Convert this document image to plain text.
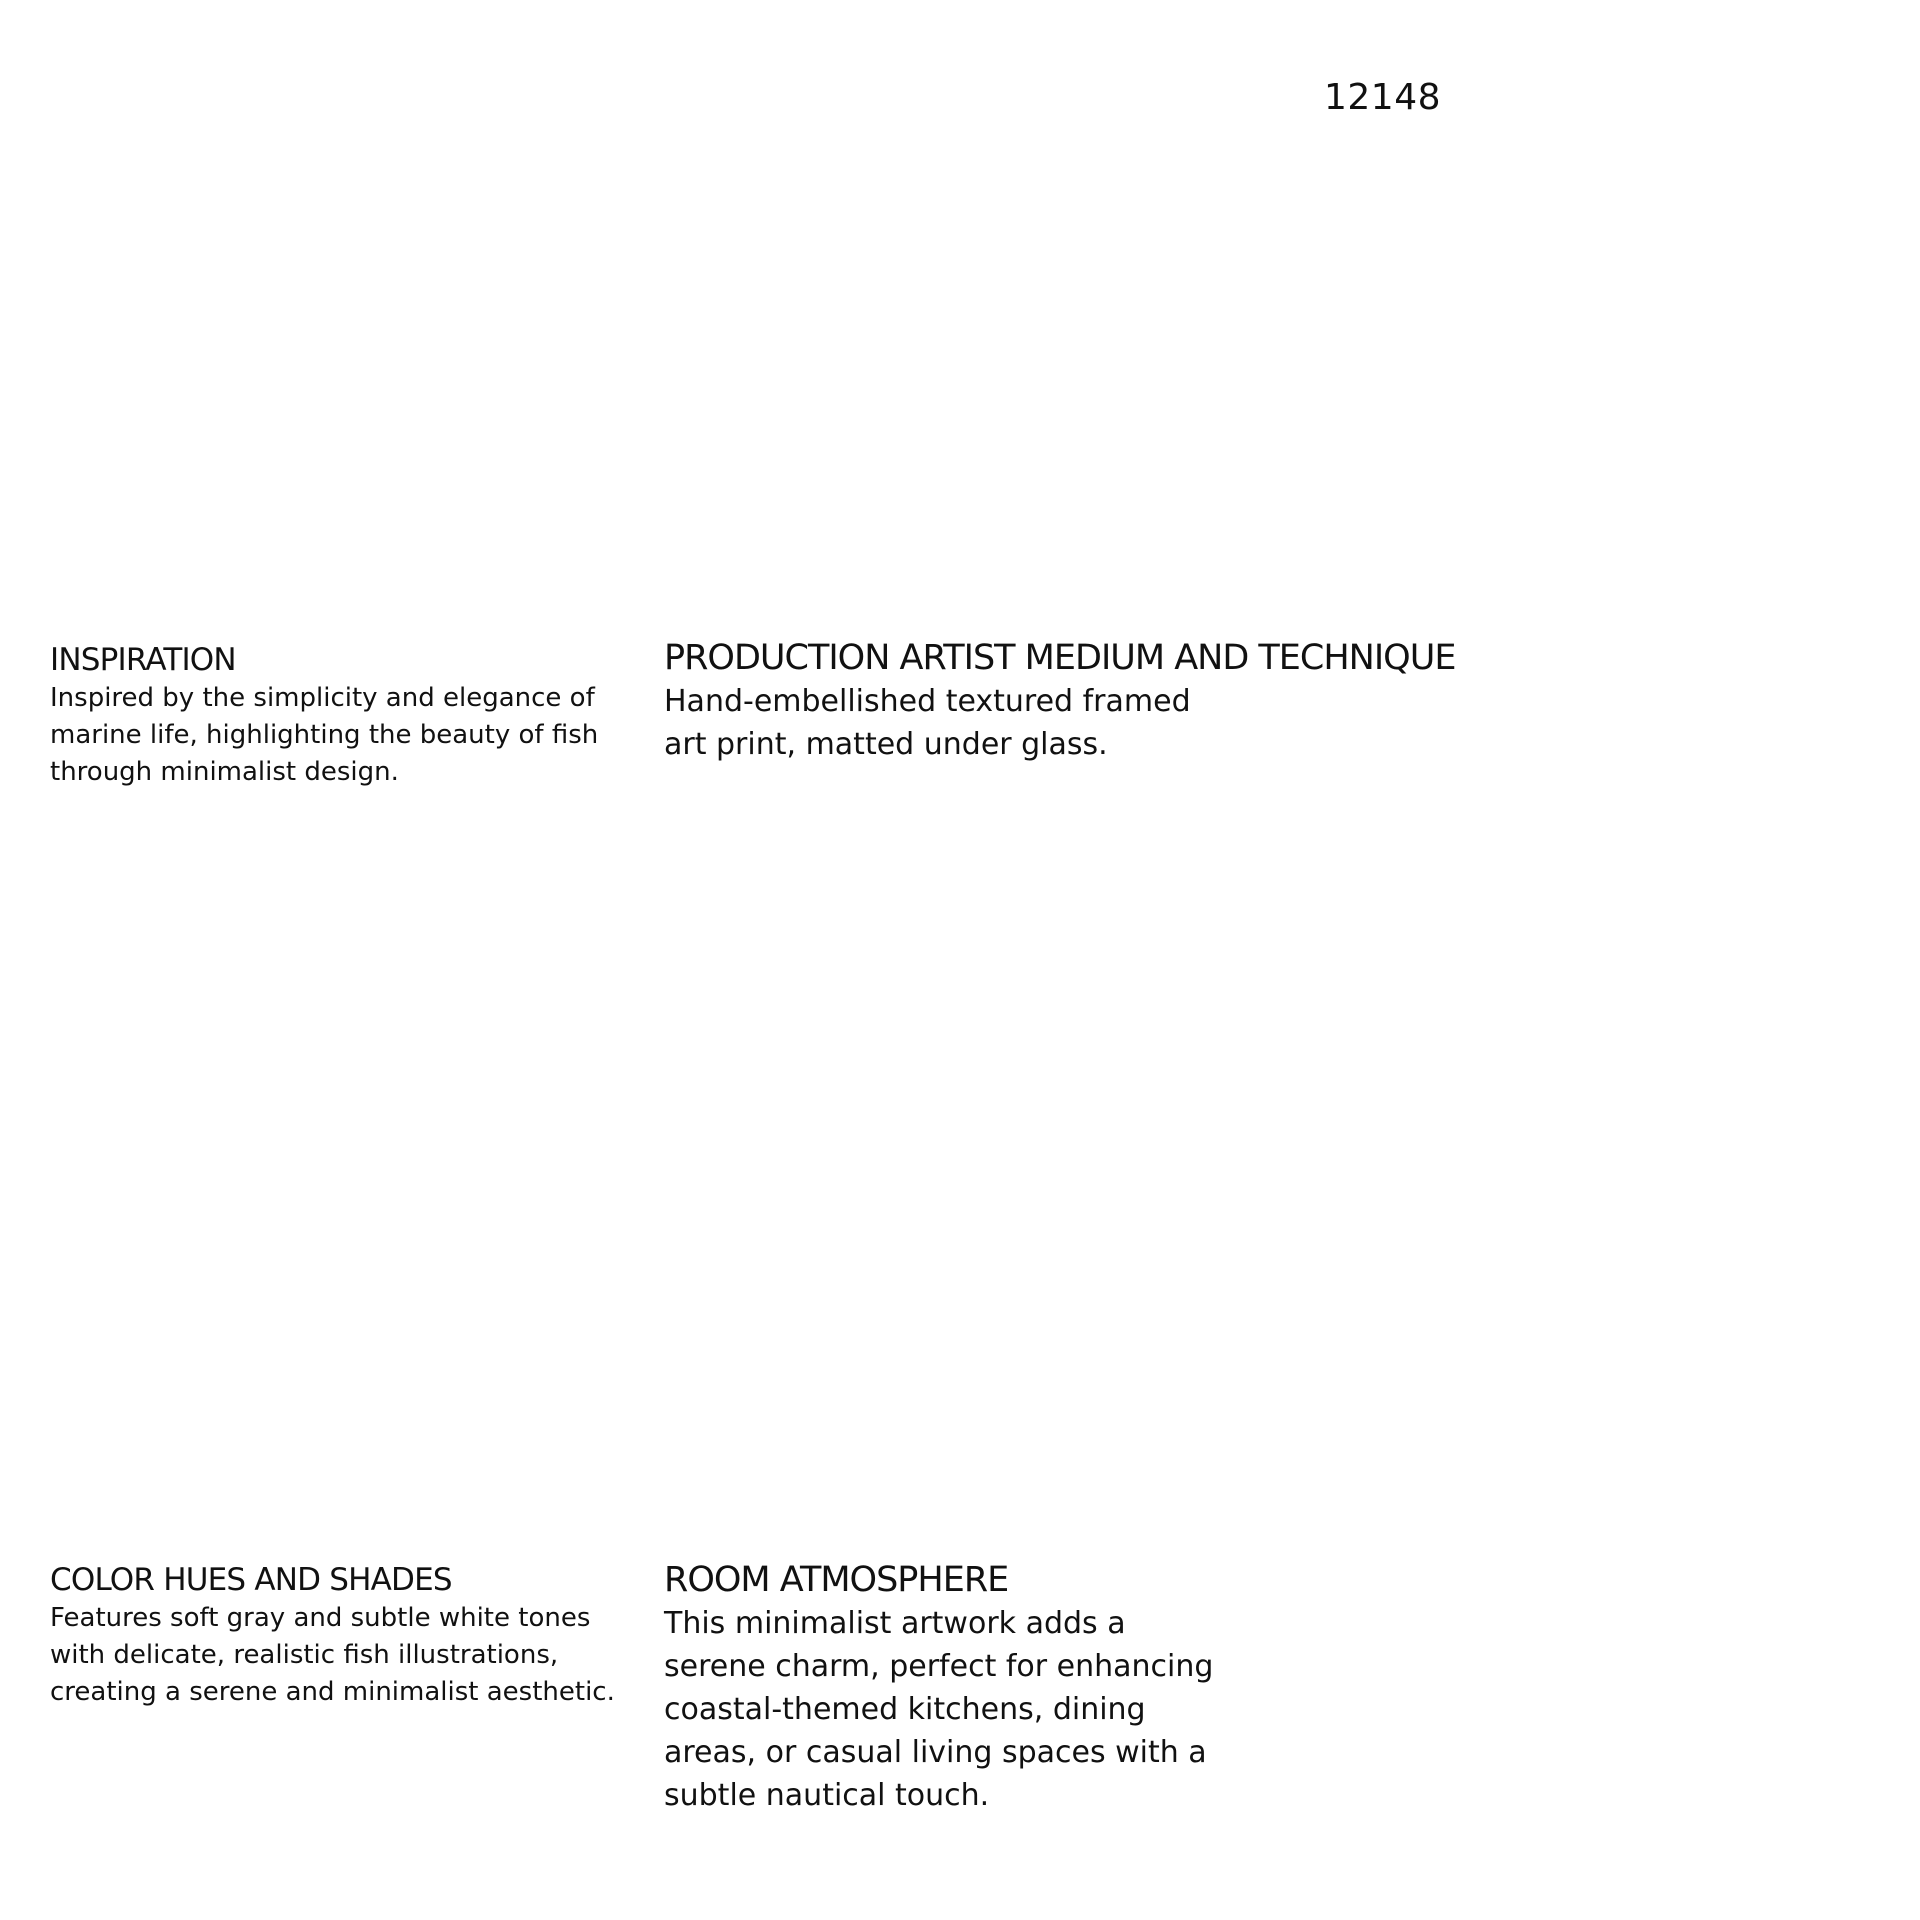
12148
INSPIRATION

Inspired by the simplicity and elegance of marine life, highlighting the beauty of fish through minimalist design.

PRODUCTION ARTIST MEDIUM AND TECHNIQUE

Hand-embellished textured framed art print, matted under glass.

COLOR HUES AND SHADES

Features soft gray and subtle white tones with delicate, realistic fish illustrations, creating a serene and minimalist aesthetic.

ROOM ATMOSPHERE

This minimalist artwork adds a serene charm, perfect for enhancing coastal-themed kitchens, dining areas, or casual living spaces with a subtle nautical touch.
